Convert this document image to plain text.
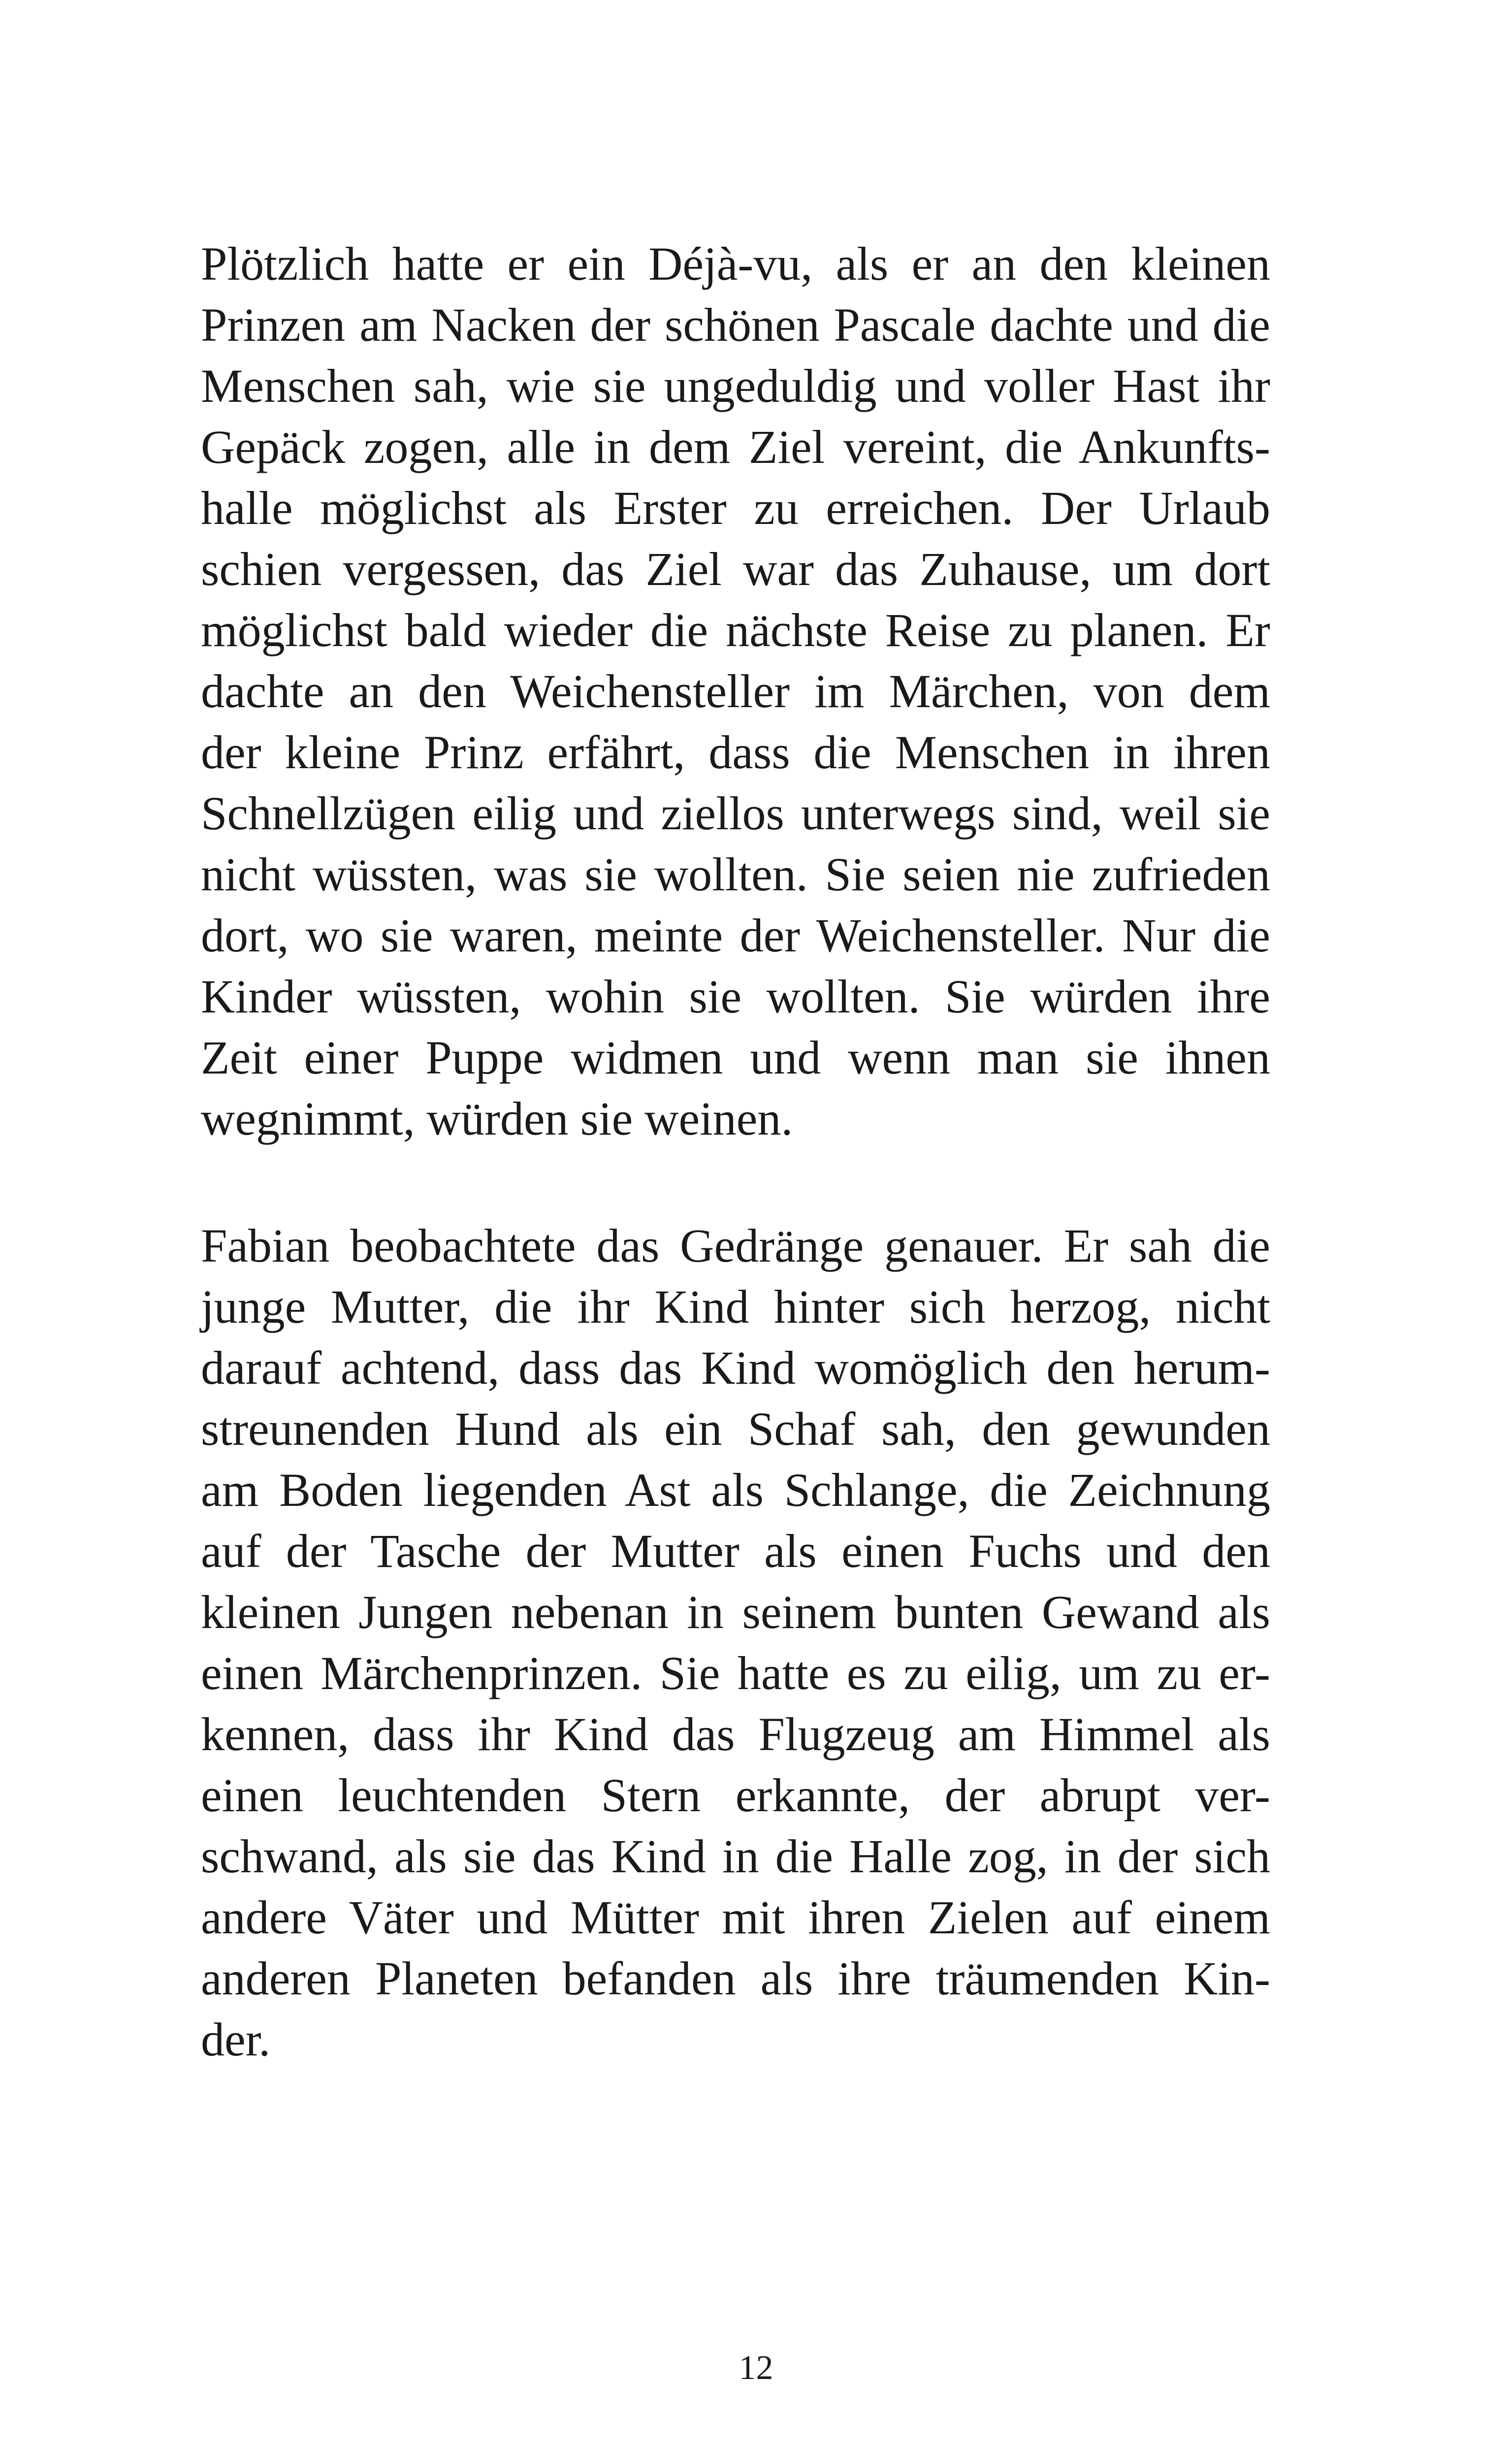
Plötzlich hatte er ein Déjà-vu, als er an den kleinen
Prinzen am Nacken der schönen Pascale dachte und die
Menschen sah, wie sie ungeduldig und voller Hast ihr
Gepäck zogen, alle in dem Ziel vereint, die Ankunfts-
halle möglichst als Erster zu erreichen. Der Urlaub
schien vergessen, das Ziel war das Zuhause, um dort
möglichst bald wieder die nächste Reise zu planen. Er
dachte an den Weichensteller im Märchen, von dem
der kleine Prinz erfährt, dass die Menschen in ihren
Schnellzügen eilig und ziellos unterwegs sind, weil sie
nicht wüssten, was sie wollten. Sie seien nie zufrieden
dort, wo sie waren, meinte der Weichensteller. Nur die
Kinder wüssten, wohin sie wollten. Sie würden ihre
Zeit einer Puppe widmen und wenn man sie ihnen
wegnimmt, würden sie weinen.
Fabian beobachtete das Gedränge genauer. Er sah die
junge Mutter, die ihr Kind hinter sich herzog, nicht
darauf achtend, dass das Kind womöglich den herum-
streunenden Hund als ein Schaf sah, den gewunden
am Boden liegenden Ast als Schlange, die Zeichnung
auf der Tasche der Mutter als einen Fuchs und den
kleinen Jungen nebenan in seinem bunten Gewand als
einen Märchenprinzen. Sie hatte es zu eilig, um zu er-
kennen, dass ihr Kind das Flugzeug am Himmel als
einen leuchtenden Stern erkannte, der abrupt ver-
schwand, als sie das Kind in die Halle zog, in der sich
andere Väter und Mütter mit ihren Zielen auf einem
anderen Planeten befanden als ihre träumenden Kin-
der.
12
